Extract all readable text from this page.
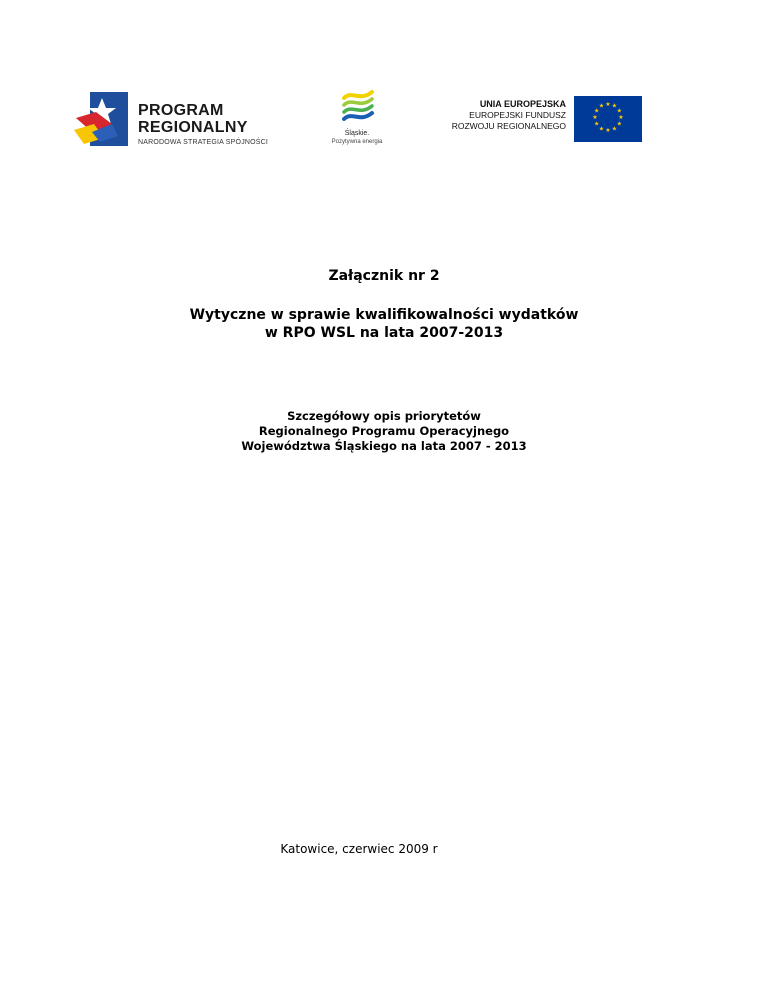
PROGRAM
REGIONALNY
NARODOWA STRATEGIA SPÓJNOŚCI
Śląskie.
Pozytywna energia
UNIA EUROPEJSKA
EUROPEJSKI FUNDUSZ
ROZWOJU REGIONALNEGO
★ ★
★
★
★
★
★
★
★
★
★
★
Załącznik nr 2
Wytyczne w sprawie kwalifikowalności wydatków
w RPO WSL na lata 2007-2013
Szczegółowy opis priorytetów
Regionalnego Programu Operacyjnego
Województwa Śląskiego na lata 2007 - 2013
Katowice, czerwiec 2009 r
